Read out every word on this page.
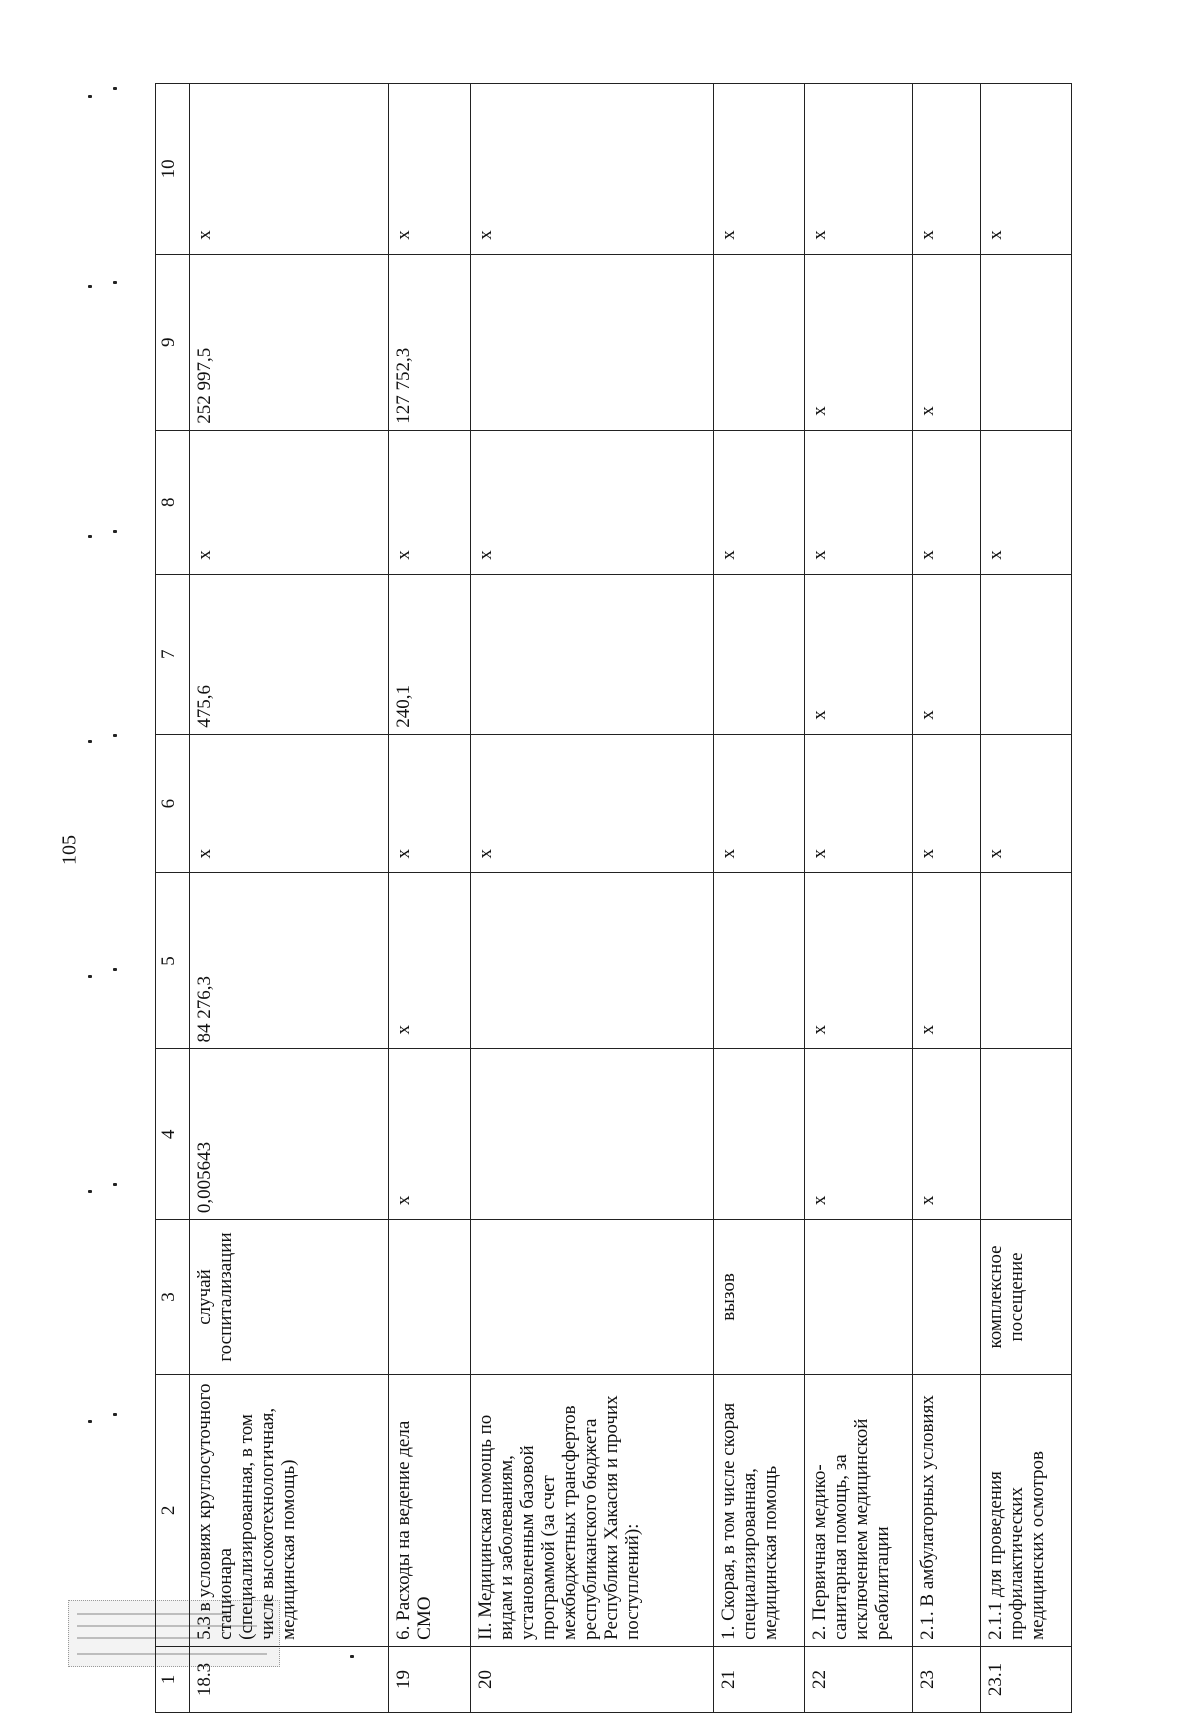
105
1	2	3	4	5	6	7	8	9	10
18.3	5.3 в условиях круглосуточного стационара (специализированная, в том числе высокотехнологичная, медицинская помощь)	случай госпитализации	0,005643	84 276,3	х	475,6	х	252 997,5	х
19	6. Расходы на ведение дела СМО		х	х	х	240,1	х	127 752,3	х
20	II. Медицинская помощь по видам и заболеваниям, установленным базовой программой (за счет межбюджетных трансфертов республиканского бюджета Республики Хакасия и прочих поступлений):				х		х		х
21	1. Скорая, в том числе скорая специализированная, медицинская помощь	вызов			х		х		х
22	2. Первичная медико-санитарная помощь, за исключением медицинской реабилитации		х	х	х	х	х	х	х
23	2.1. В амбулаторных условиях		х	х	х	х	х	х	х
23.1	2.1.1 для проведения профилактических медицинских осмотров	комплексное посещение			х		х		х
